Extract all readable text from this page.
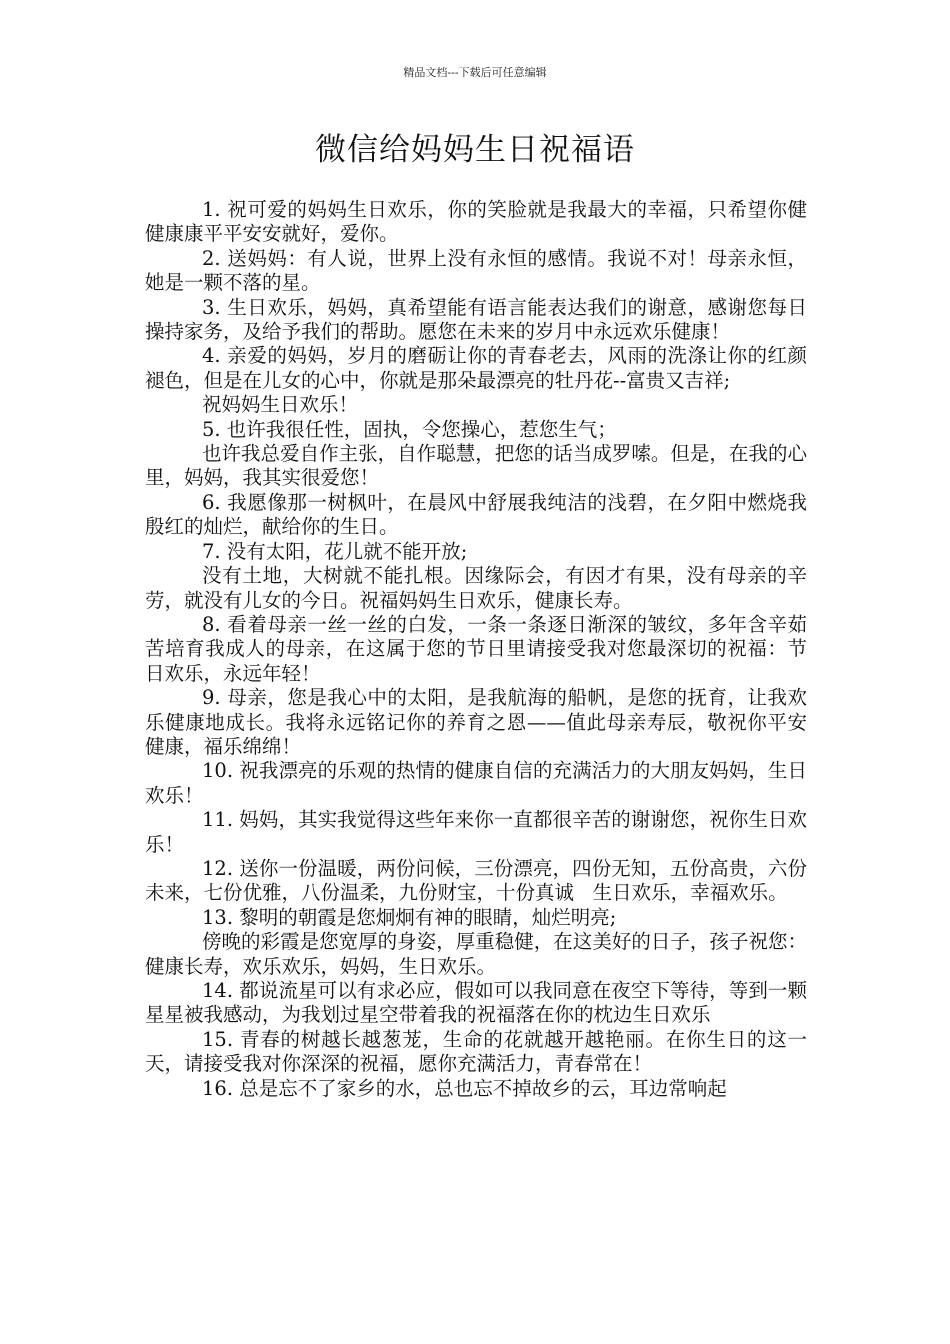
精品文档---下载后可任意编辑
微信给妈妈生日祝福语

1. 祝可爱的妈妈生日欢乐，你的笑脸就是我最大的幸福，只希望你健健康康平平安安就好，爱你。

2. 送妈妈：有人说，世界上没有永恒的感情。我说不对！母亲永恒，她是一颗不落的星。

3. 生日欢乐，妈妈，真希望能有语言能表达我们的谢意，感谢您每日操持家务，及给予我们的帮助。愿您在未来的岁月中永远欢乐健康！

4. 亲爱的妈妈，岁月的磨砺让你的青春老去，风雨的洗涤让你的红颜褪色，但是在儿女的心中，你就是那朵最漂亮的牡丹花--富贵又吉祥;

祝妈妈生日欢乐！

5. 也许我很任性，固执，令您操心，惹您生气；

也许我总爱自作主张，自作聪慧，把您的话当成罗嗦。但是，在我的心里，妈妈，我其实很爱您！

6. 我愿像那一树枫叶，在晨风中舒展我纯洁的浅碧，在夕阳中燃烧我殷红的灿烂，献给你的生日。

7. 没有太阳，花儿就不能开放;

没有土地，大树就不能扎根。因缘际会，有因才有果，没有母亲的辛劳，就没有儿女的今日。祝福妈妈生日欢乐，健康长寿。

8. 看着母亲一丝一丝的白发，一条一条逐日渐深的皱纹，多年含辛茹苦培育我成人的母亲，在这属于您的节日里请接受我对您最深切的祝福：节日欢乐，永远年轻！

9. 母亲，您是我心中的太阳，是我航海的船帆，是您的抚育，让我欢乐健康地成长。我将永远铭记你的养育之恩——值此母亲寿辰，敬祝你平安健康，福乐绵绵！

10. 祝我漂亮的乐观的热情的健康自信的充满活力的大朋友妈妈，生日欢乐！

11. 妈妈，其实我觉得这些年来你一直都很辛苦的谢谢您，祝你生日欢乐！

12. 送你一份温暖，两份问候，三份漂亮，四份无知，五份高贵，六份未来，七份优雅，八份温柔，九份财宝，十份真诚   生日欢乐，幸福欢乐。

13. 黎明的朝霞是您炯炯有神的眼睛，灿烂明亮;

傍晚的彩霞是您宽厚的身姿，厚重稳健，在这美好的日子，孩子祝您：健康长寿，欢乐欢乐，妈妈，生日欢乐。

14. 都说流星可以有求必应，假如可以我同意在夜空下等待，等到一颗星星被我感动，为我划过星空带着我的祝福落在你的枕边生日欢乐

15. 青春的树越长越葱茏，生命的花就越开越艳丽。在你生日的这一天，请接受我对你深深的祝福，愿你充满活力，青春常在！

16. 总是忘不了家乡的水，总也忘不掉故乡的云，耳边常响起
